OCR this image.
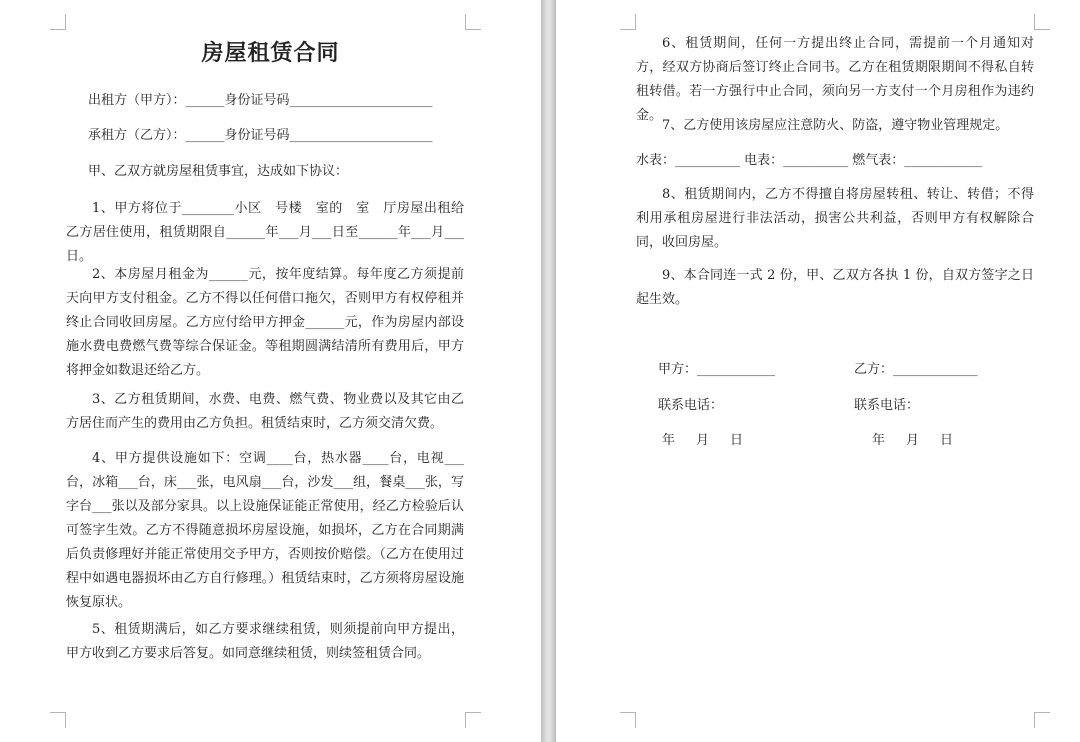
房屋租赁合同
出租方（甲方）：______身份证号码______________________
承租方（乙方）：______身份证号码______________________
甲、乙双方就房屋租赁事宜，达成如下协议：
1、甲方将位于________小区　号楼　室的　室　厅房屋出租给乙方居住使用，租赁期限自______年___月___日至______年___月___日。
2、本房屋月租金为______元，按年度结算。每年度乙方须提前　天向甲方支付租金。乙方不得以任何借口拖欠，否则甲方有权停租并终止合同收回房屋。乙方应付给甲方押金______元，作为房屋内部设施水费电费燃气费等综合保证金。等租期圆满结清所有费用后，甲方将押金如数退还给乙方。
3、乙方租赁期间，水费、电费、燃气费、物业费以及其它由乙方居住而产生的费用由乙方负担。租赁结束时，乙方须交清欠费。
4、甲方提供设施如下：空调____台，热水器____台，电视___台，冰箱___台，床___张，电风扇___台，沙发___组，餐桌___张，写字台___张以及部分家具。以上设施保证能正常使用，经乙方检验后认可签字生效。乙方不得随意损坏房屋设施，如损坏，乙方在合同期满后负责修理好并能正常使用交予甲方，否则按价赔偿。（乙方在使用过程中如遇电器损坏由乙方自行修理。）租赁结束时，乙方须将房屋设施恢复原状。
5、租赁期满后，如乙方要求继续租赁，则须提前向甲方提出，甲方收到乙方要求后答复。如同意继续租赁，则续签租赁合同。
6、租赁期间，任何一方提出终止合同，需提前一个月通知对方，经双方协商后签订终止合同书。乙方在租赁期限期间不得私自转租转借。若一方强行中止合同，须向另一方支付一个月房租作为违约金。
7、乙方使用该房屋应注意防火、防盗，遵守物业管理规定。
水表：__________ 电表：__________ 燃气表：____________
8、租赁期间内，乙方不得擅自将房屋转租、转让、转借；不得利用承租房屋进行非法活动，损害公共利益，否则甲方有权解除合同，收回房屋。
9、本合同连一式 2 份，甲、乙双方各执 1 份，自双方签字之日起生效。
甲方：____________	乙方：_____________
联系电话：	联系电话：
年　月　日	年　月　日
